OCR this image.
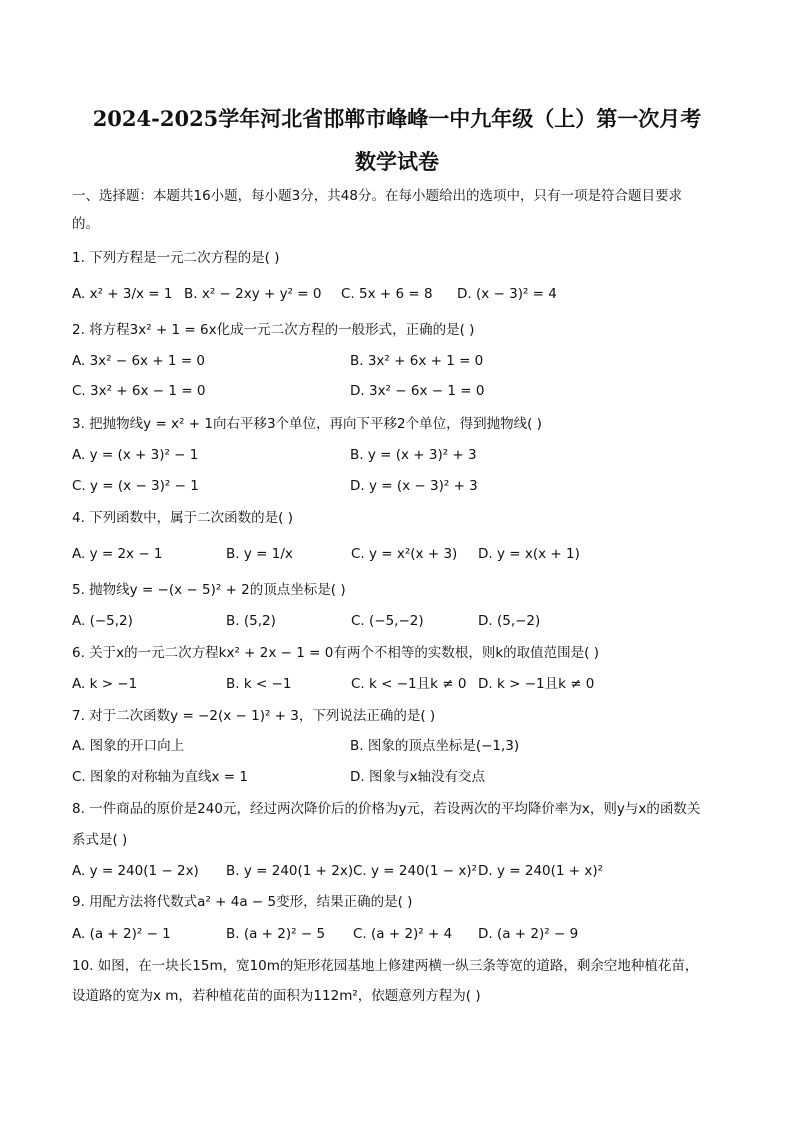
2024-2025学年河北省邯郸市峰峰一中九年级（上）第一次月考
数学试卷
一、选择题：本题共16小题，每小题3分，共48分。在每小题给出的选项中，只有一项是符合题目要求
的。
1. 下列方程是一元二次方程的是( )
A. x² + 3/x = 1 B. x² − 2xy + y² = 0 C. 5x + 6 = 8 D. (x − 3)² = 4
2. 将方程3x² + 1 = 6x化成一元二次方程的一般形式，正确的是( )
A. 3x² − 6x + 1 = 0	B. 3x² + 6x + 1 = 0
C. 3x² + 6x − 1 = 0	D. 3x² − 6x − 1 = 0
3. 把抛物线y = x² + 1向右平移3个单位，再向下平移2个单位，得到抛物线( )
A. y = (x + 3)² − 1	B. y = (x + 3)² + 3
C. y = (x − 3)² − 1	D. y = (x − 3)² + 3
4. 下列函数中，属于二次函数的是( )
A. y = 2x − 1	B. y = 1/x	C. y = x²(x + 3) D. y = x(x + 1)
5. 抛物线y = −(x − 5)² + 2的顶点坐标是( )
A. (−5,2)	B. (5,2)	C. (−5,−2)	D. (5,−2)
6. 关于x的一元二次方程kx² + 2x − 1 = 0有两个不相等的实数根，则k的取值范围是( )
A. k > −1	B. k < −1	C. k < −1且k ≠ 0 D. k > −1且k ≠ 0
7. 对于二次函数y = −2(x − 1)² + 3，下列说法正确的是( )
A. 图象的开口向上	B. 图象的顶点坐标是(−1,3)
C. 图象的对称轴为直线x = 1	D. 图象与x轴没有交点
8. 一件商品的原价是240元，经过两次降价后的价格为y元，若设两次的平均降价率为x，则y与x的函数关
系式是( )
A. y = 240(1 − 2x) B. y = 240(1 + 2x) C. y = 240(1 − x)² D. y = 240(1 + x)²
9. 用配方法将代数式a² + 4a − 5变形，结果正确的是( )
A. (a + 2)² − 1	B. (a + 2)² − 5 C. (a + 2)² + 4 D. (a + 2)² − 9
10. 如图，在一块长15m，宽10m的矩形花园基地上修建两横一纵三条等宽的道路，剩余空地种植花苗，
设道路的宽为x m，若种植花苗的面积为112m²，依题意列方程为( )
